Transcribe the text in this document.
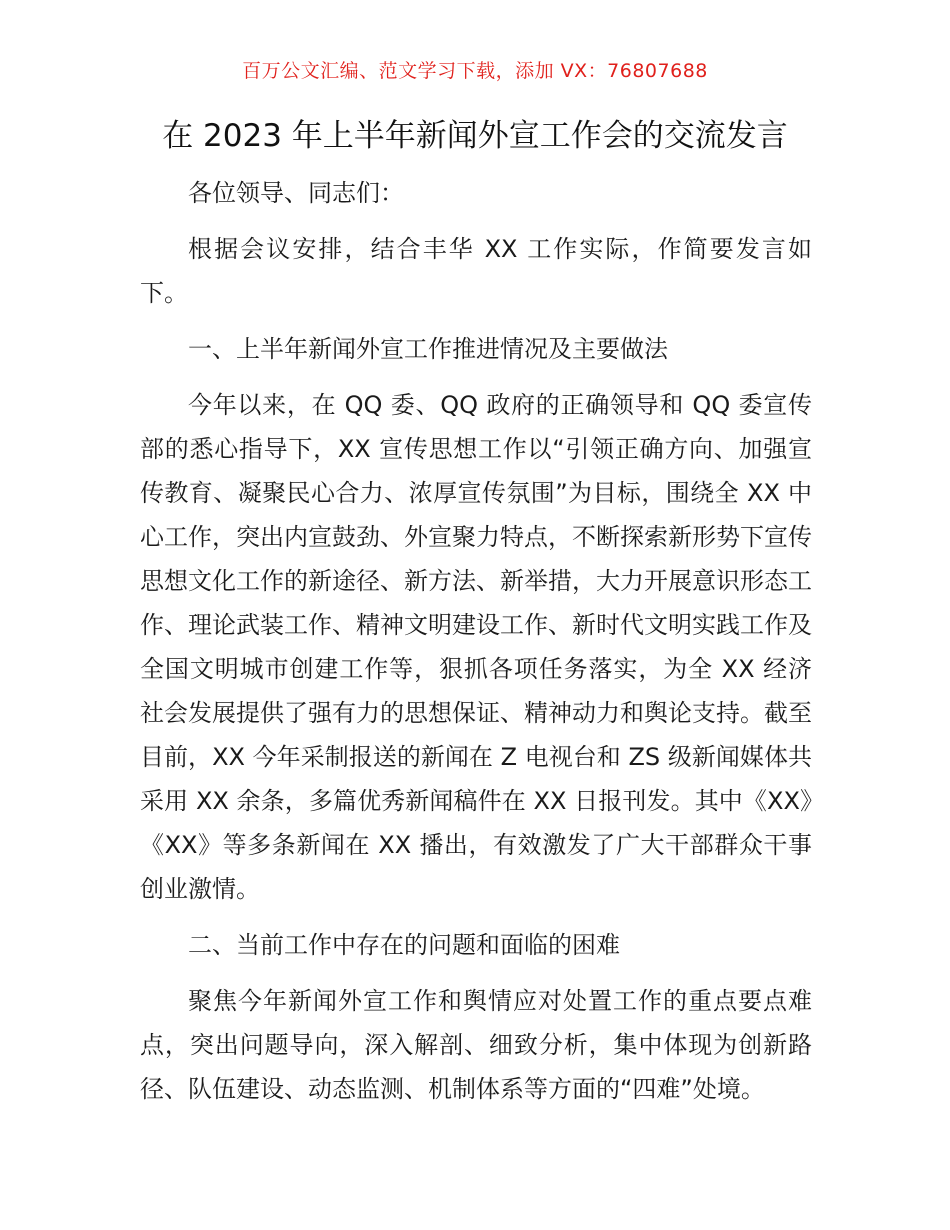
百万公文汇编、范文学习下载，添加 VX：76807688
在 2023 年上半年新闻外宣工作会的交流发言

各位领导、同志们：

根据会议安排，结合丰华 XX 工作实际，作简要发言如下。

一、上半年新闻外宣工作推进情况及主要做法

今年以来，在 QQ 委、QQ 政府的正确领导和 QQ 委宣传部的悉心指导下，XX 宣传思想工作以“引领正确方向、加强宣传教育、凝聚民心合力、浓厚宣传氛围”为目标，围绕全 XX 中心工作，突出内宣鼓劲、外宣聚力特点，不断探索新形势下宣传思想文化工作的新途径、新方法、新举措，大力开展意识形态工作、理论武装工作、精神文明建设工作、新时代文明实践工作及全国文明城市创建工作等，狠抓各项任务落实，为全 XX 经济社会发展提供了强有力的思想保证、精神动力和舆论支持。截至目前，XX 今年采制报送的新闻在 Z 电视台和 ZS 级新闻媒体共采用 XX 余条，多篇优秀新闻稿件在 XX 日报刊发。其中《XX》《XX》等多条新闻在 XX 播出，有效激发了广大干部群众干事创业激情。

二、当前工作中存在的问题和面临的困难

聚焦今年新闻外宣工作和舆情应对处置工作的重点要点难点，突出问题导向，深入解剖、细致分析，集中体现为创新路径、队伍建设、动态监测、机制体系等方面的“四难”处境。
